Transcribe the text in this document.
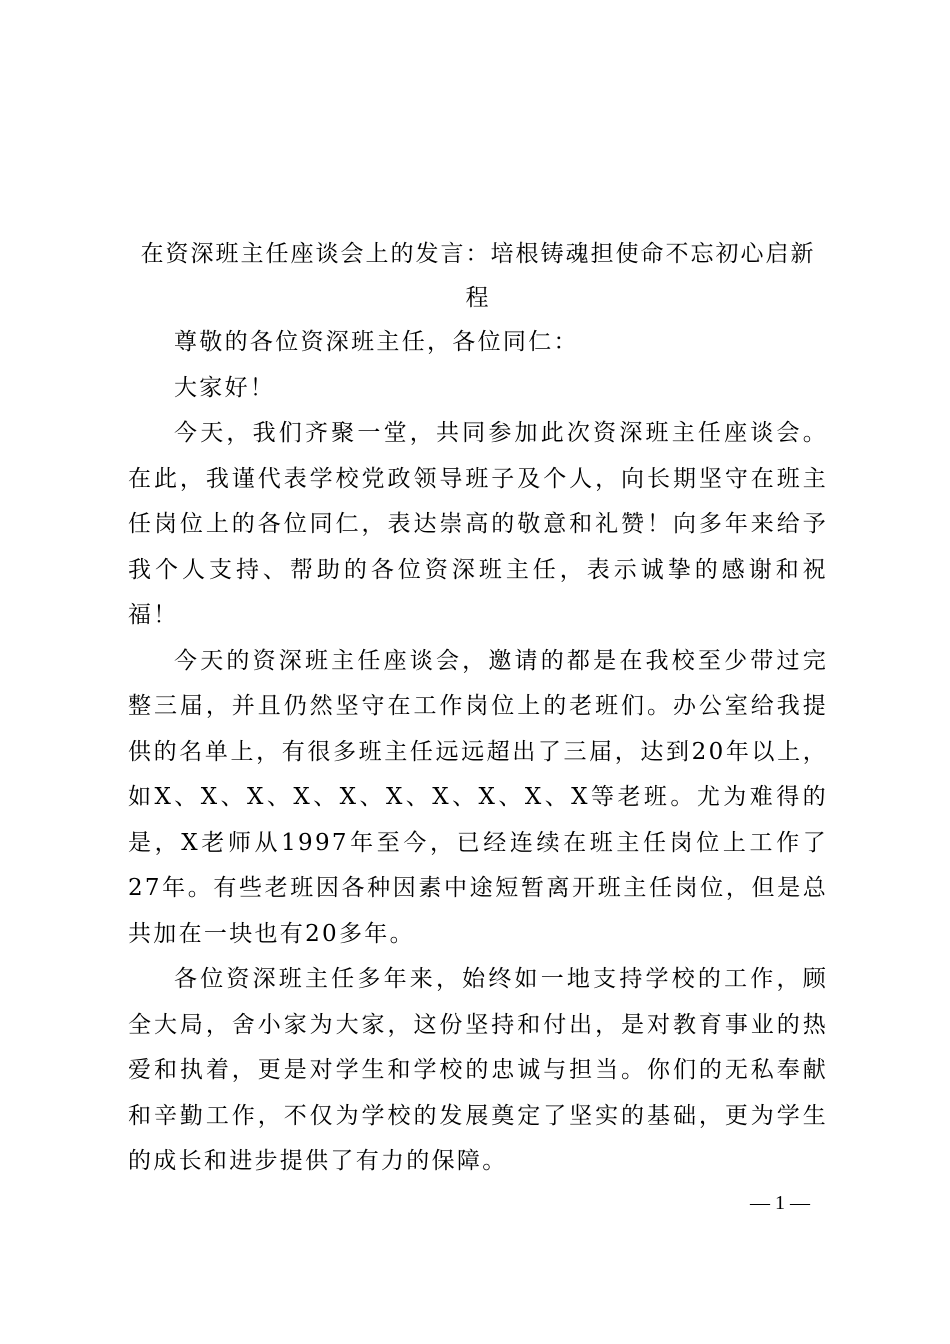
在资深班主任座谈会上的发言：培根铸魂担使命不忘初心启新程

尊敬的各位资深班主任，各位同仁：

大家好！

今天，我们齐聚一堂，共同参加此次资深班主任座谈会。在此，我谨代表学校党政领导班子及个人，向长期坚守在班主任岗位上的各位同仁，表达崇高的敬意和礼赞！向多年来给予我个人支持、帮助的各位资深班主任，表示诚挚的感谢和祝福！

今天的资深班主任座谈会，邀请的都是在我校至少带过完整三届，并且仍然坚守在工作岗位上的老班们。办公室给我提供的名单上，有很多班主任远远超出了三届，达到20年以上，如X、X、X、X、X、X、X、X、X、X等老班。尤为难得的是，X老师从1997年至今，已经连续在班主任岗位上工作了27年。有些老班因各种因素中途短暂离开班主任岗位，但是总共加在一块也有20多年。

各位资深班主任多年来，始终如一地支持学校的工作，顾全大局，舍小家为大家，这份坚持和付出，是对教育事业的热爱和执着，更是对学生和学校的忠诚与担当。你们的无私奉献和辛勤工作，不仅为学校的发展奠定了坚实的基础，更为学生的成长和进步提供了有力的保障。

— 1 —
